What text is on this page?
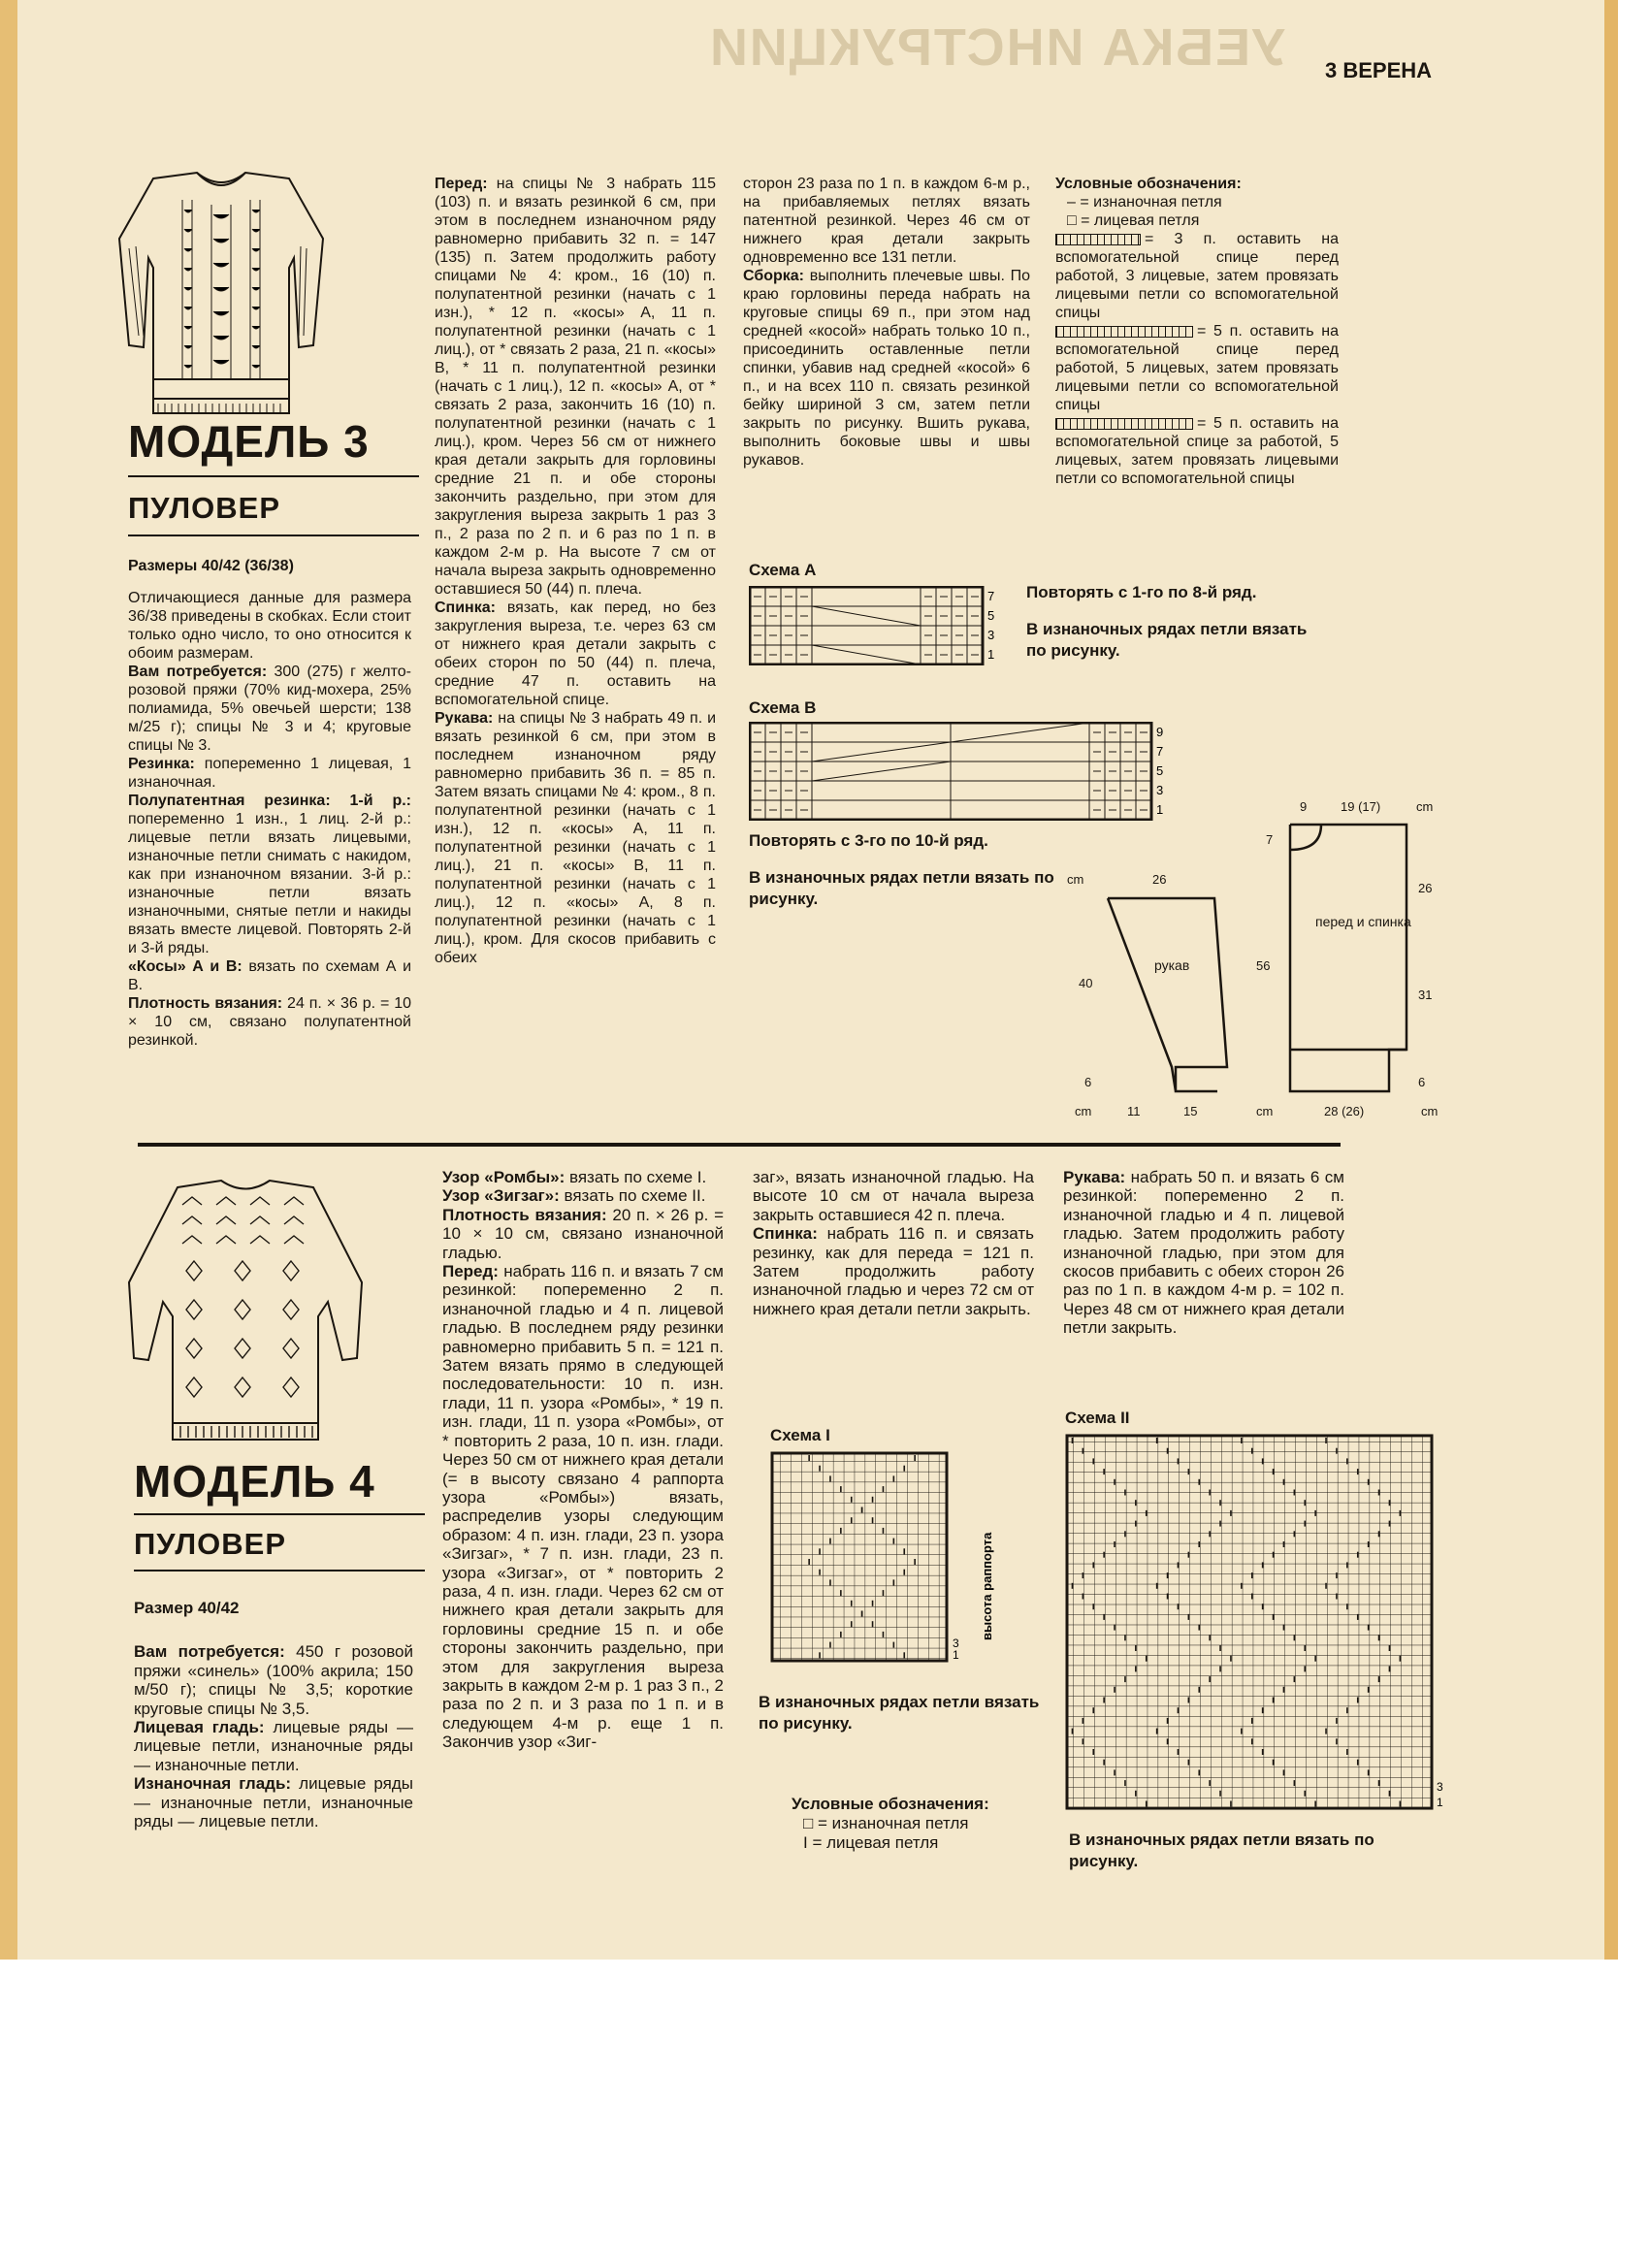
УЕБКА ИНСТРУКЦИИ 3 ВЕРЕНА
МОДЕЛЬ 3
ПУЛОВЕР

Размеры 40/42 (36/38)

Отличающиеся данные для размера 36/38 приведены в скобках. Если стоит только одно число, то оно относится к обоим размерам.

Вам потребуется: 300 (275) г желто-розовой пряжи (70% кид-мохера, 25% полиамида, 5% овечьей шерсти; 138 м/25 г); спицы № 3 и 4; круговые спицы № 3.

Резинка: попеременно 1 лицевая, 1 изнаночная.

Полупатентная резинка: 1-й р.: попеременно 1 изн., 1 лиц. 2-й р.: лицевые петли вязать лицевыми, изнаночные петли снимать с накидом, как при изнаночном вязании. 3-й р.: изнаночные петли вязать изнаночными, снятые петли и накиды вязать вместе лицевой. Повторять 2-й и 3-й ряды.

«Косы» А и В: вязать по схемам А и В.

Плотность вязания: 24 п. × 36 р. = 10 × 10 см, связано полупатентной резинкой.

Перед: на спицы № 3 набрать 115 (103) п. и вязать резинкой 6 см, при этом в последнем изнаночном ряду равномерно прибавить 32 п. = 147 (135) п. Затем продолжить работу спицами № 4: кром., 16 (10) п. полупатентной резинки (начать с 1 изн.), * 12 п. «косы» А, 11 п. полупатентной резинки (начать с 1 лиц.), от * связать 2 раза, 21 п. «косы» В, * 11 п. полупатентной резинки (начать с 1 лиц.), 12 п. «косы» А, от * связать 2 раза, закончить 16 (10) п. полупатентной резинки (начать с 1 лиц.), кром. Через 56 см от нижнего края детали закрыть для горловины средние 21 п. и обе стороны закончить раздельно, при этом для закругления выреза закрыть 1 раз 3 п., 2 раза по 2 п. и 6 раз по 1 п. в каждом 2-м р. На высоте 7 см от начала выреза закрыть одновременно оставшиеся 50 (44) п. плеча.

Спинка: вязать, как перед, но без закругления выреза, т.е. через 63 см от нижнего края детали закрыть с обеих сторон по 50 (44) п. плеча, средние 47 п. оставить на вспомогательной спице.

Рукава: на спицы № 3 набрать 49 п. и вязать резинкой 6 см, при этом в последнем изнаночном ряду равномерно прибавить 36 п. = 85 п. Затем вязать спицами № 4: кром., 8 п. полупатентной резинки (начать с 1 изн.), 12 п. «косы» А, 11 п. полупатентной резинки (начать с 1 лиц.), 21 п. «косы» В, 11 п. полупатентной резинки (начать с 1 лиц.), 12 п. «косы» А, 8 п. полупатентной резинки (начать с 1 лиц.), кром. Для скосов прибавить с обеих

сторон 23 раза по 1 п. в каждом 6-м р., на прибавляемых петлях вязать патентной резинкой. Через 46 см от нижнего края детали закрыть одновременно все 131 петли.

Сборка: выполнить плечевые швы. По краю горловины переда набрать на круговые спицы 69 п., при этом над средней «косой» набрать только 10 п., присоединить оставленные петли спинки, убавив над средней «косой» 6 п., и на всех 110 п. связать резинкой бейку шириной 3 см, затем петли закрыть по рисунку. Вшить рукава, выполнить боковые швы и швы рукавов.

Условные обозначения:

– = изнаночная петля

□ = лицевая петля

= 3 п. оставить на вспомогательной спице перед работой, 3 лицевые, затем провязать лицевыми петли со вспомогательной спицы

= 5 п. оставить на вспомогательной спице перед работой, 5 лицевых, затем провязать лицевыми петли со вспомогательной спицы

= 5 п. оставить на вспомогательной спице за работой, 5 лицевых, затем провязать лицевыми петли со вспомогательной спицы

Схема А
7
5
3
1
Повторять с 1-го по 8-й ряд.
В изнаночных рядах петли вязать по рисунку.
Схема В
9
7
5
3
1
Повторять с 3-го по 10-й ряд.
В изнаночных рядах петли вязать по рисунку.
рукав
перед и спинка
cm	26
40
6
cm	11	15
56
9	19 (17)	cm
7
26
31
6
cm	28 (26)	cm
МОДЕЛЬ 4
ПУЛОВЕР

Размер 40/42

Вам потребуется: 450 г розовой пряжи «синель» (100% акрила; 150 м/50 г); спицы № 3,5; короткие круговые спицы № 3,5.

Лицевая гладь: лицевые ряды — лицевые петли, изнаночные ряды — изнаночные петли.

Изнаночная гладь: лицевые ряды — изнаночные петли, изнаночные ряды — лицевые петли.

Узор «Ромбы»: вязать по схеме I.

Узор «Зигзаг»: вязать по схеме II.

Плотность вязания: 20 п. × 26 р. = 10 × 10 см, связано изнаночной гладью.

Перед: набрать 116 п. и вязать 7 см резинкой: попеременно 2 п. изнаночной гладью и 4 п. лицевой гладью. В последнем ряду резинки равномерно прибавить 5 п. = 121 п. Затем вязать прямо в следующей последовательности: 10 п. изн. глади, 11 п. узора «Ромбы», * 19 п. изн. глади, 11 п. узора «Ромбы», от * повторить 2 раза, 10 п. изн. глади. Через 50 см от нижнего края детали (= в высоту связано 4 раппорта узора «Ромбы») вязать, распределив узоры следующим образом: 4 п. изн. глади, 23 п. узора «Зигзаг», * 7 п. изн. глади, 23 п. узора «Зигзаг», от * повторить 2 раза, 4 п. изн. глади. Через 62 см от нижнего края детали закрыть для горловины средние 15 п. и обе стороны закончить раздельно, при этом для закругления выреза закрыть в каждом 2-м р. 1 раз 3 п., 2 раза по 2 п. и 3 раза по 1 п. и в следующем 4-м р. еще 1 п. Закончив узор «Зиг-

заг», вязать изнаночной гладью. На высоте 10 см от начала выреза закрыть оставшиеся 42 п. плеча.

Спинка: набрать 116 п. и связать резинку, как для переда = 121 п. Затем продолжить работу изнаночной гладью и через 72 см от нижнего края детали петли закрыть.

Рукава: набрать 50 п. и вязать 6 см резинкой: попеременно 2 п. изнаночной гладью и 4 п. лицевой гладью. Затем продолжить работу изнаночной гладью, при этом для скосов прибавить с обеих сторон 26 раз по 1 п. в каждом 4-м р. = 102 п. Через 48 см от нижнего края детали петли закрыть.

Схема I
3
1
высота раппорта
В изнаночных рядах петли вязать по рисунку.

Условные обозначения:

□ = изнаночная петля

I = лицевая петля

Схема II
3
1
В изнаночных рядах петли вязать по рисунку.
